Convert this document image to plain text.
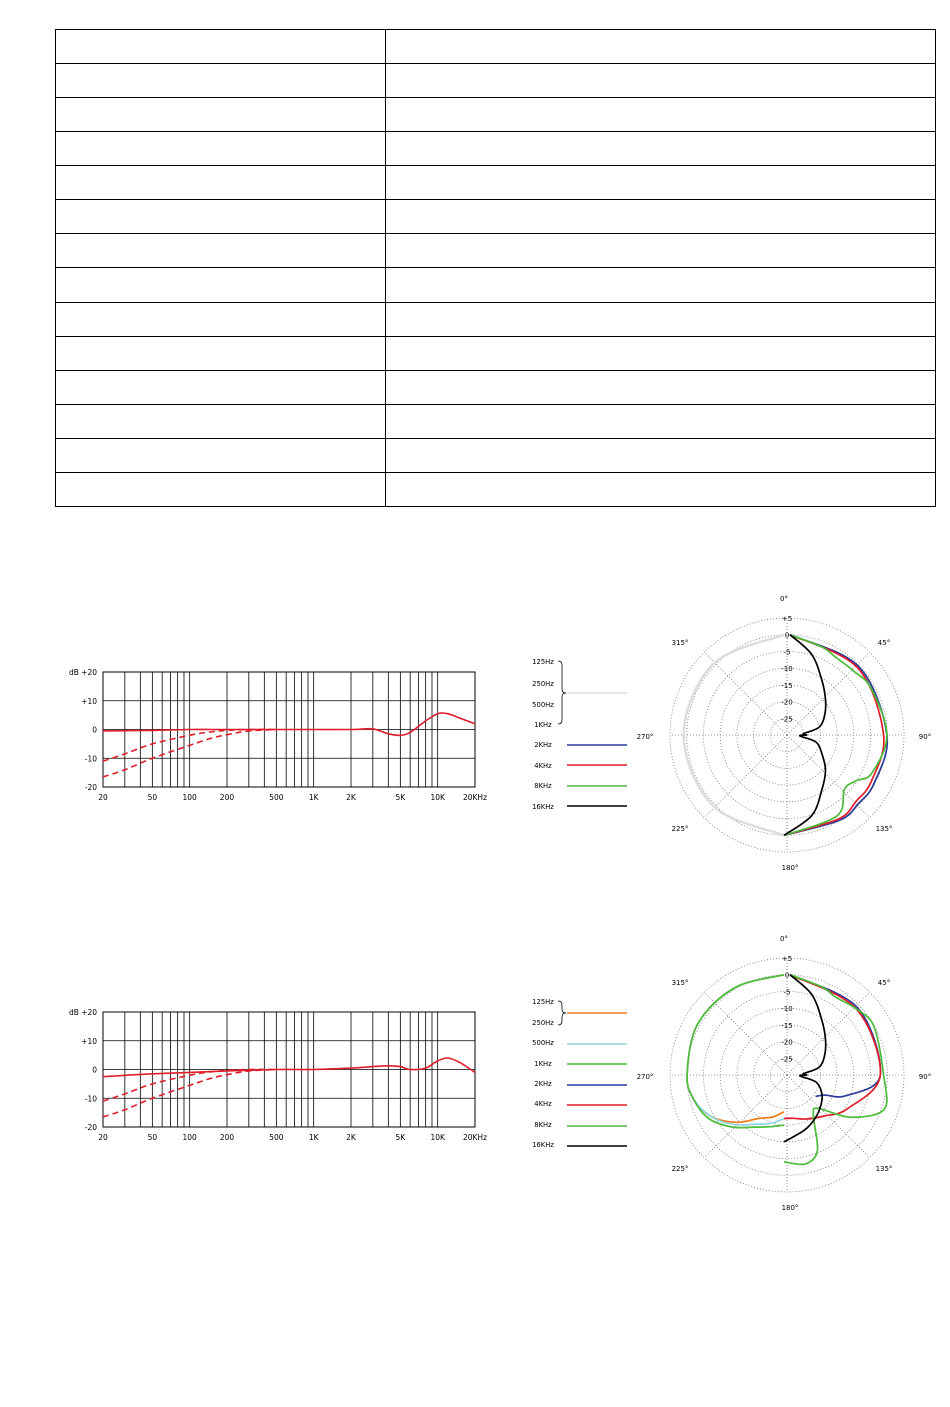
+20
+10
0
-10
-20
dB
20	50	100	200	500	1K	2K	5K	10K 20KHz
0°
45°
90°
135°
180°
225°
270°
315°
+5
0
-5
-10
-15
-20
-25
125Hz
250Hz
500Hz
1KHz
2KHz
4KHz
8KHz
16KHz
+20
+10
0
-10
-20
dB
20	50	100	200	500	1K	2K	5K	10K 20KHz
0°
45°
90°
135°
180°
225°
270°
315°
+5
0
-5
-10
-15
-20
-25
125Hz
250Hz
500Hz
1KHz
2KHz
4KHz
8KHz
16KHz
